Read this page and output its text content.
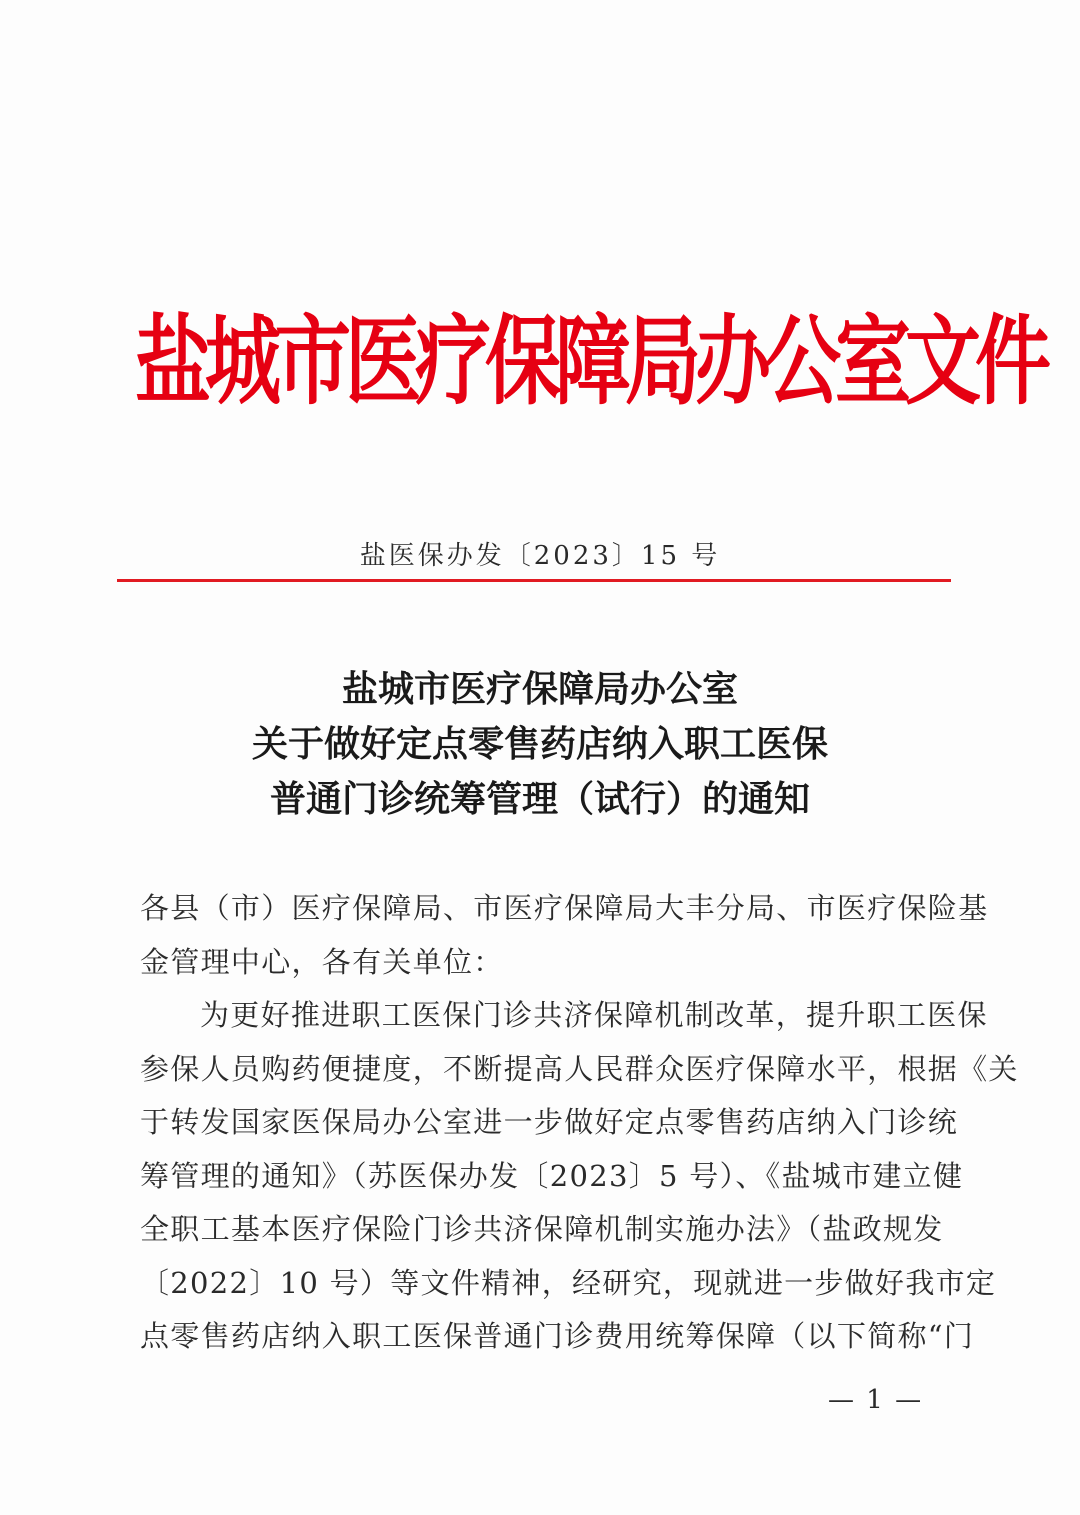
盐城市医疗保障局办公室文件
盐医保办发〔2023〕15 号
盐城市医疗保障局办公室
关于做好定点零售药店纳入职工医保
普通门诊统筹管理（试行）的通知
各县（市）医疗保障局、市医疗保障局大丰分局、市医疗保险基
金管理中心，各有关单位：
为更好推进职工医保门诊共济保障机制改革，提升职工医保
参保人员购药便捷度，不断提高人民群众医疗保障水平，根据《关
于转发国家医保局办公室进一步做好定点零售药店纳入门诊统
筹管理的通知》（苏医保办发〔2023〕5 号）、《盐城市建立健
全职工基本医疗保险门诊共济保障机制实施办法》（盐政规发
〔2022〕10 号）等文件精神，经研究，现就进一步做好我市定
点零售药店纳入职工医保普通门诊费用统筹保障（以下简称“门
— 1 —
